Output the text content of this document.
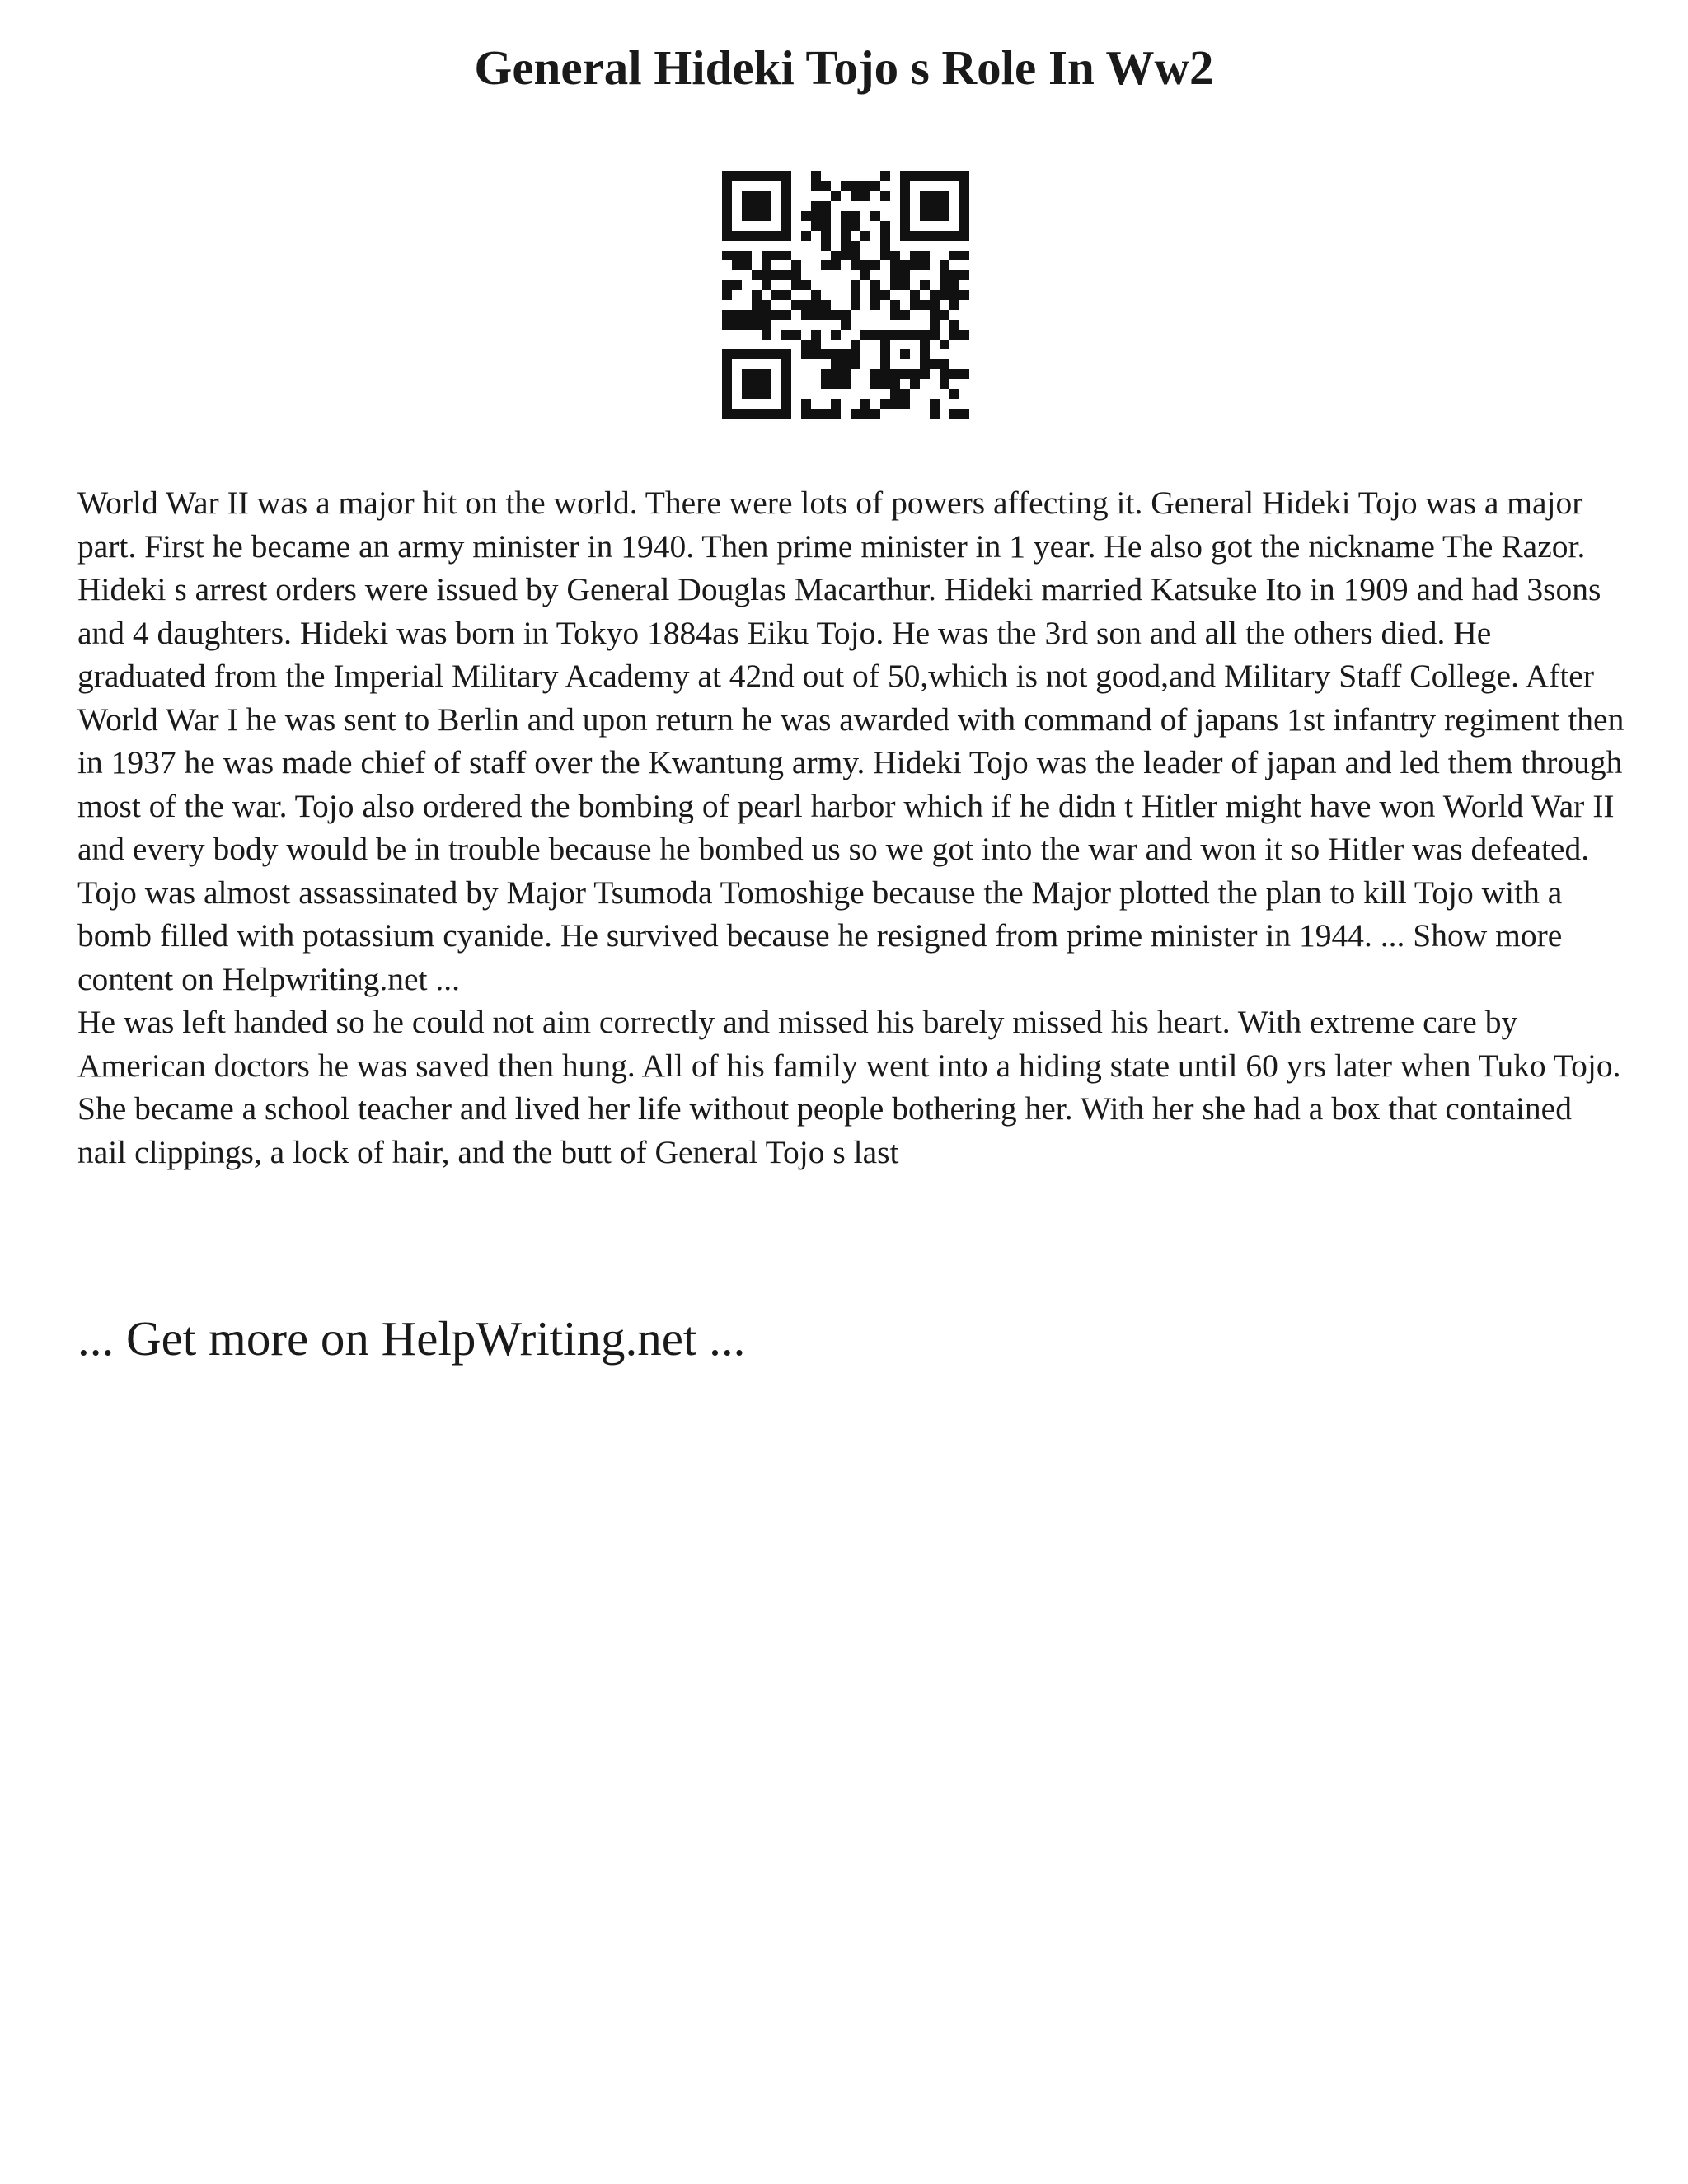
General Hideki Tojo s Role In Ww2

World War II was a major hit on the world. There were lots of powers affecting it. General Hideki Tojo was a major part. First he became an army minister in 1940. Then prime minister in 1 year. He also got the nickname The Razor. Hideki s arrest orders were issued by General Douglas Macarthur. Hideki married Katsuke Ito in 1909 and had 3sons and 4 daughters. Hideki was born in Tokyo 1884as Eiku Tojo. He was the 3rd son and all the others died. He graduated from the Imperial Military Academy at 42nd out of 50,which is not good,and Military Staff College. After World War I he was sent to Berlin and upon return he was awarded with command of japans 1st infantry regiment then in 1937 he was made chief of staff over the Kwantung army. Hideki Tojo was the leader of japan and led them through most of the war. Tojo also ordered the bombing of pearl harbor which if he didn t Hitler might have won World War II and every body would be in trouble because he bombed us so we got into the war and won it so Hitler was defeated. Tojo was almost assassinated by Major Tsumoda Tomoshige because the Major plotted the plan to kill Tojo with a bomb filled with potassium cyanide. He survived because he resigned from prime minister in 1944. ... Show more content on Helpwriting.net ...

He was left handed so he could not aim correctly and missed his barely missed his heart. With extreme care by American doctors he was saved then hung. All of his family went into a hiding state until 60 yrs later when Tuko Tojo. She became a school teacher and lived her life without people bothering her. With her she had a box that contained nail clippings, a lock of hair, and the butt of General Tojo s last

... Get more on HelpWriting.net ...
